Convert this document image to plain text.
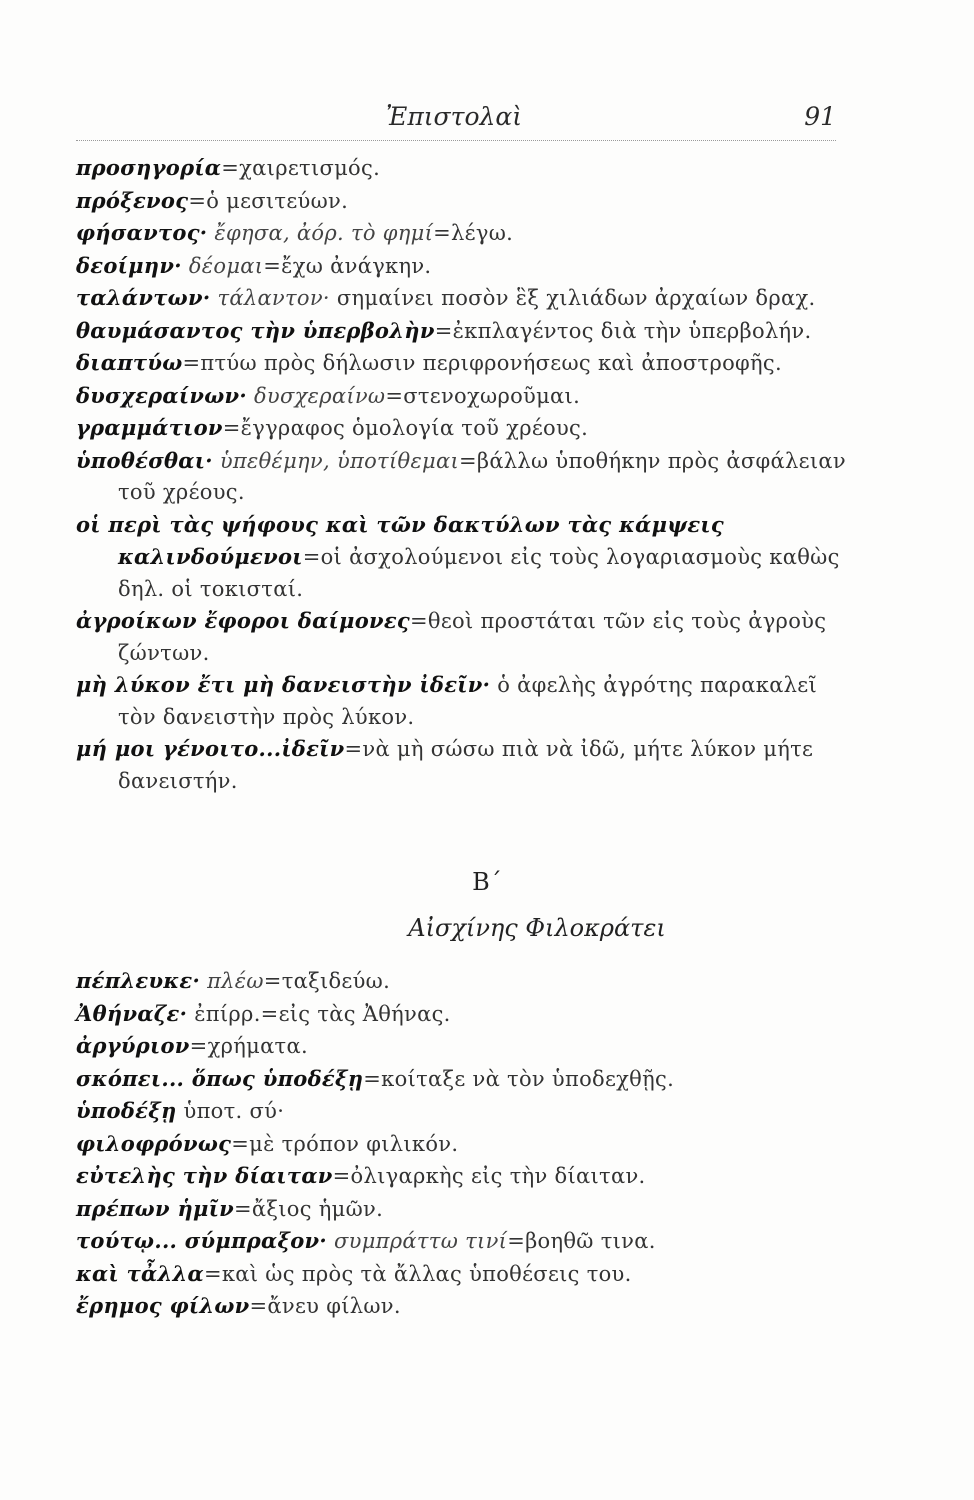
Ἐπιστολαὶ	91
προσηγορία=χαιρετισμός.
πρόξενος=ὁ μεσιτεύων.
φήσαντος· ἔφησα, ἀόρ. τὸ φημί=λέγω.
δεοίμην· δέομαι=ἔχω ἀνάγκην.
ταλάντων· τάλαντον· σημαίνει ποσὸν ἓξ χιλιάδων ἀρχαίων δραχ.
θαυμάσαντος τὴν ὑπερβολὴν=ἐκπλαγέντος διὰ τὴν ὑπερβολήν.
διαπτύω=πτύω πρὸς δήλωσιν περιφρονήσεως καὶ ἀποστροφῆς.
δυσχεραίνων· δυσχεραίνω=στενοχωροῦμαι.
γραμμάτιον=ἔγγραφος ὁμολογία τοῦ χρέους.
ὑποθέσθαι· ὑπεθέμην, ὑποτίθεμαι=βάλλω ὑποθήκην πρὸς ἀσφάλειαν τοῦ χρέους.
οἱ περὶ τὰς ψήφους καὶ τῶν δακτύλων τὰς κάμψεις καλινδούμενοι=οἱ ἀσχολούμενοι εἰς τοὺς λογαριασμοὺς καθὼς δηλ. οἱ τοκισταί.
ἀγροίκων ἔφοροι δαίμονες=θεοὶ προστάται τῶν εἰς τοὺς ἀγροὺς ζώντων.
μὴ λύκον ἔτι μὴ δανειστὴν ἰδεῖν· ὁ ἀφελὴς ἀγρότης παρακαλεῖ τὸν δανειστὴν πρὸς λύκον.
μή μοι γένοιτο...ἰδεῖν=νὰ μὴ σώσω πιὰ νὰ ἰδῶ, μήτε λύκον μήτε δανειστήν.
Β΄
Αἰσχίνης Φιλοκράτει
πέπλευκε· πλέω=ταξιδεύω.
Ἀθήναζε· ἐπίρρ.=εἰς τὰς Ἀθήνας.
ἀργύριον=χρήματα.
σκόπει... ὅπως ὑποδέξῃ=κοίταξε νὰ τὸν ὑποδεχθῇς.
ὑποδέξῃ ὑποτ. σύ·
φιλοφρόνως=μὲ τρόπον φιλικόν.
εὐτελὴς τὴν δίαιταν=ὀλιγαρκὴς εἰς τὴν δίαιταν.
πρέπων ἡμῖν=ἄξιος ἡμῶν.
τούτῳ... σύμπραξον· συμπράττω τινί=βοηθῶ τινα.
καὶ τἆλλα=καὶ ὡς πρὸς τὰ ἄλλας ὑποθέσεις του.
ἔρημος φίλων=ἄνευ φίλων.
